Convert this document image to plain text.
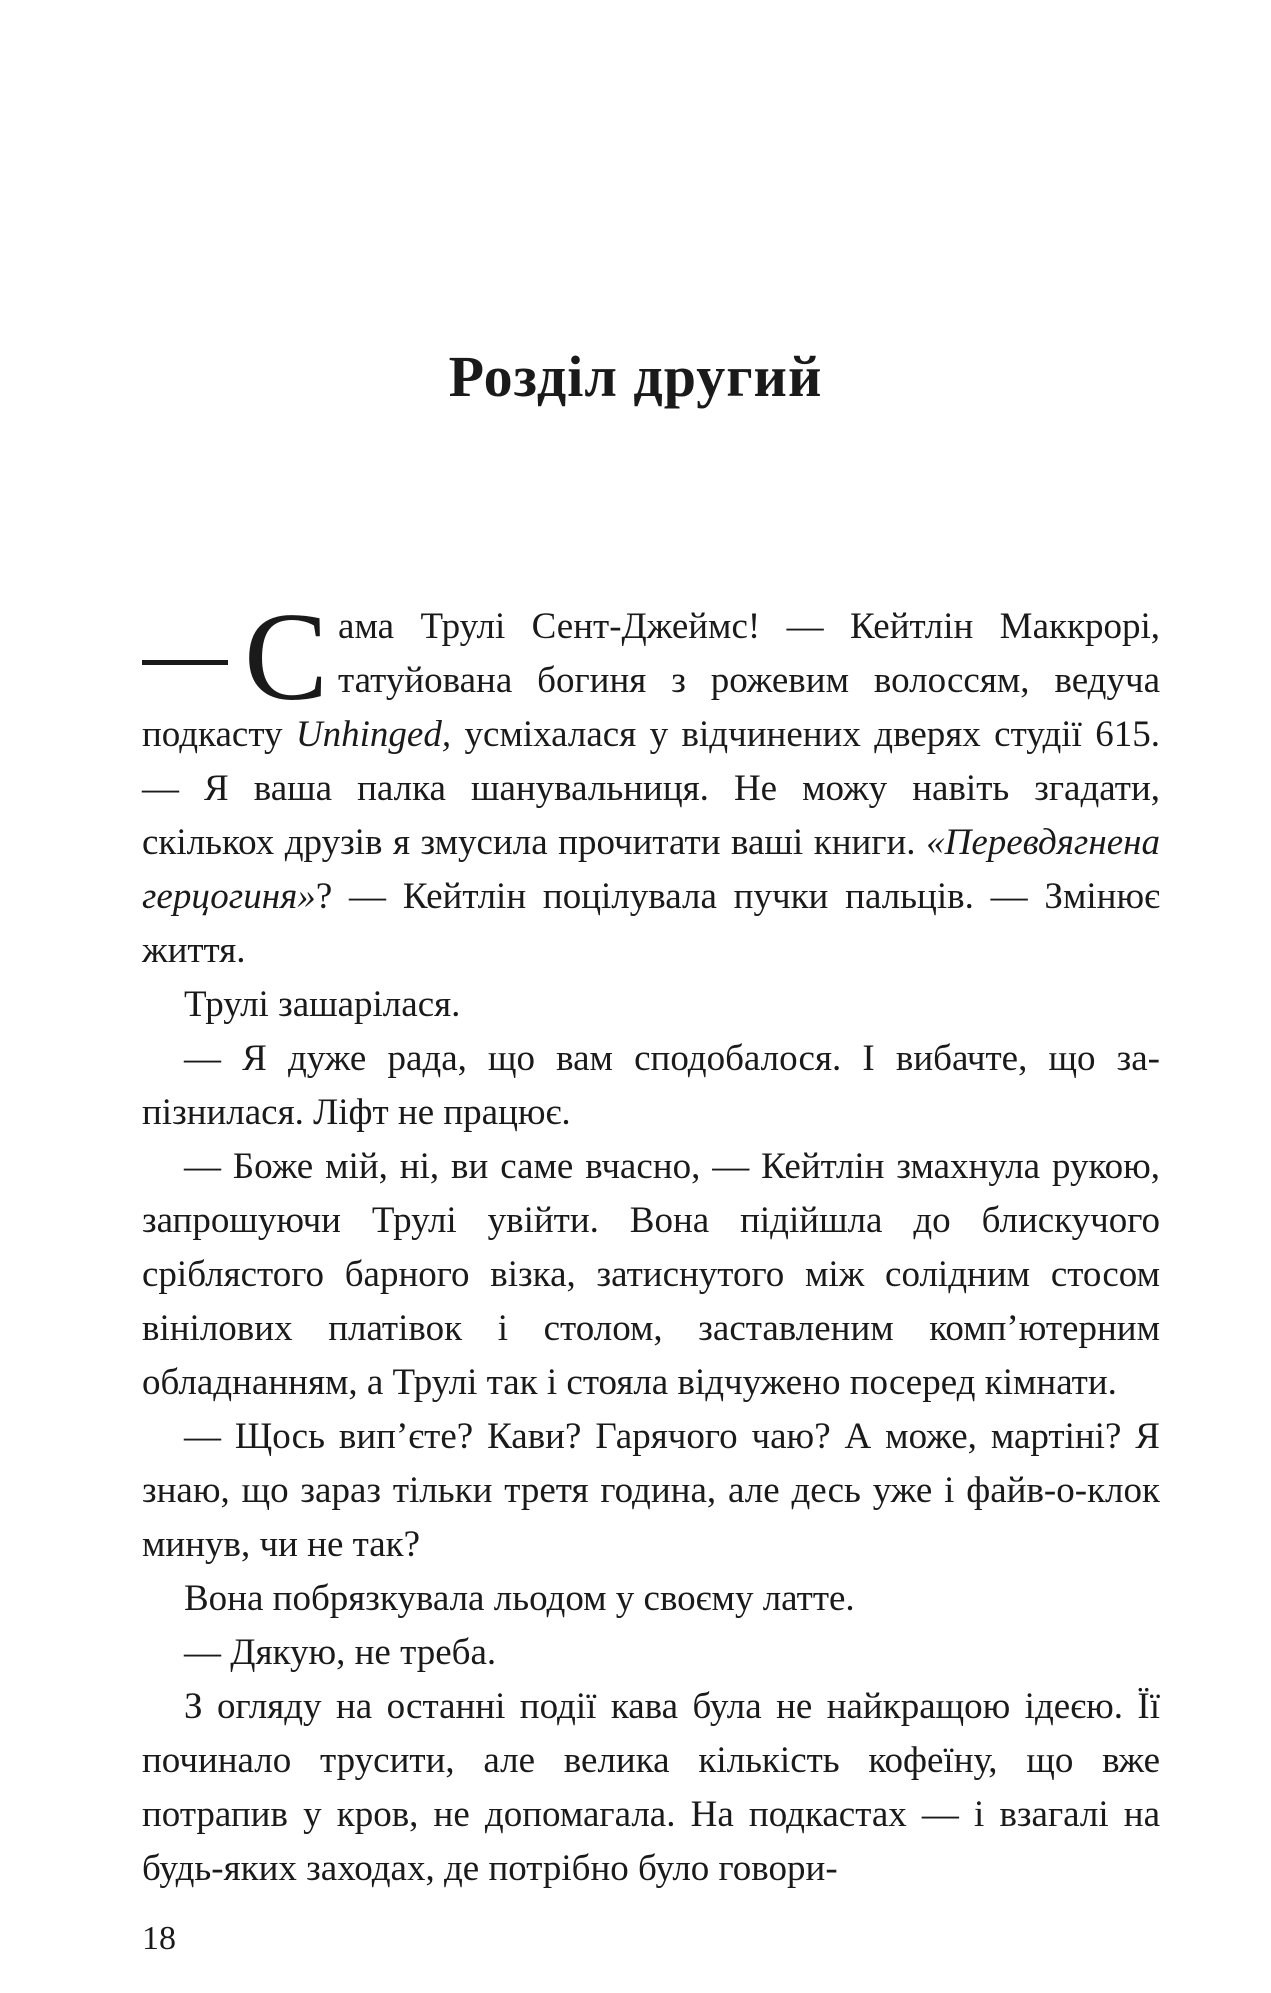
Розділ другий

Сама Трулі Сент-Джеймс! — Кейтлін Маккрорі, татуйована богиня з рожевим волоссям, ведуча подкасту Unhinged, усміхалася у відчинених дверях студії 615. — Я ваша палка шанувальниця. Не можу навіть згадати, скількох друзів я змусила прочитати ваші книги. «Перевдягнена герцогиня»? — Кейтлін поцілувала пучки пальців. — Змінює життя.

Трулі зашарілася.

— Я дуже рада, що вам сподобалося. І вибачте, що запізнилася. Ліфт не працює.

— Боже мій, ні, ви саме вчасно, — Кейтлін змахнула рукою, запрошуючи Трулі увійти. Вона підійшла до блискучого сріблястого барного візка, затиснутого між солідним стосом вінілових платівок і столом, заставленим комп’ютерним обладнанням, а Трулі так і стояла відчужено посеред кімнати.

— Щось вип’єте? Кави? Гарячого чаю? А може, мартіні? Я знаю, що зараз тільки третя година, але десь уже і файв-о-клок минув, чи не так?

Вона побрязкувала льодом у своєму латте.

— Дякую, не треба.

З огляду на останні події кава була не найкращою ідеєю. Її починало трусити, але велика кількість кофеїну, що вже потрапив у кров, не допомагала. На подкастах — і взагалі на будь-яких заходах, де потрібно було говори-

18
